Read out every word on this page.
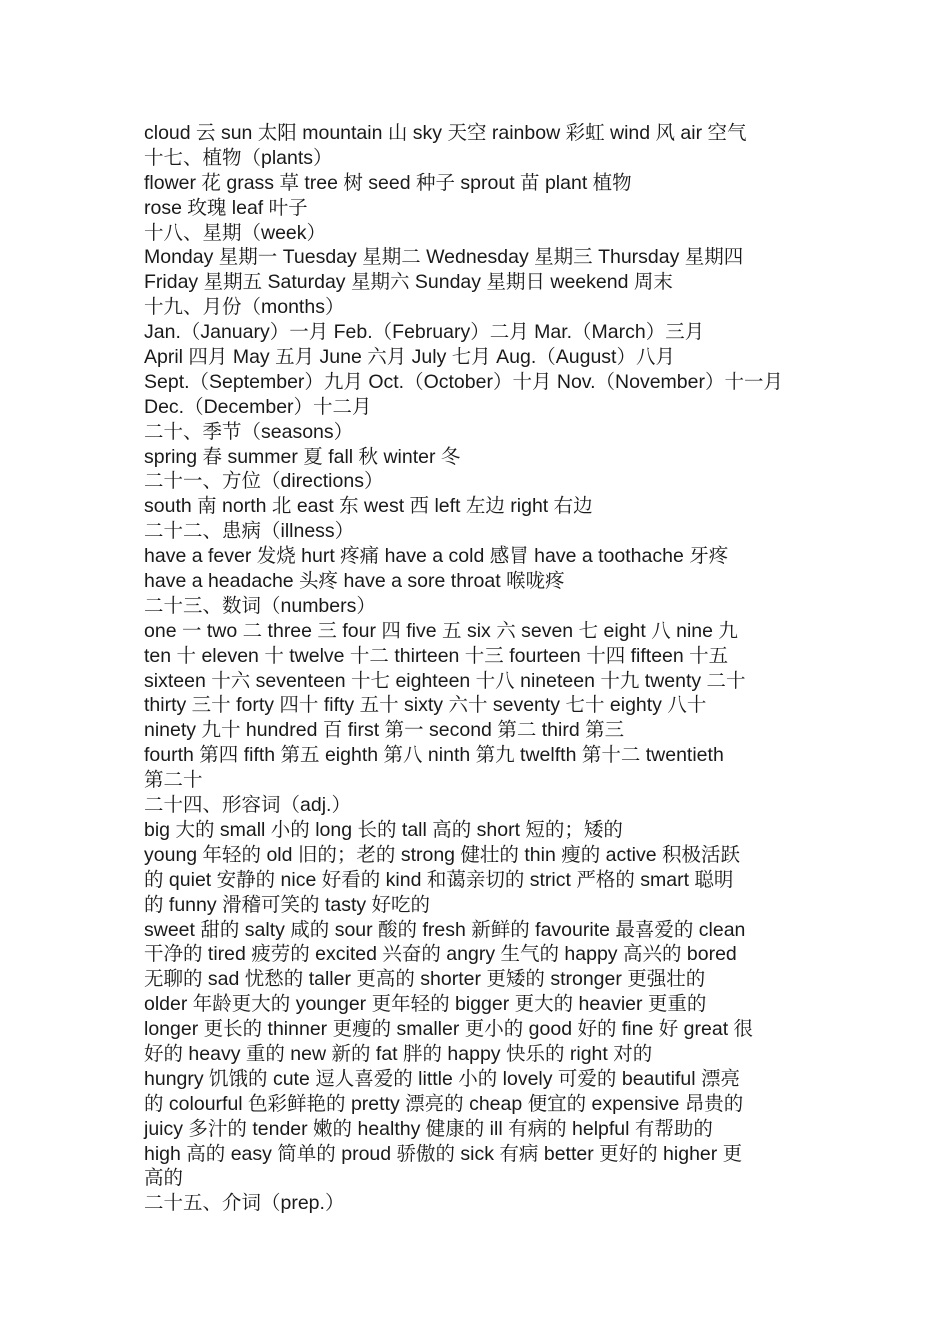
cloud 云 sun 太阳 mountain 山 sky 天空 rainbow 彩虹 wind 风 air 空气
十七、植物（plants）
flower 花 grass 草 tree 树 seed 种子 sprout 苗 plant 植物
rose 玫瑰 leaf 叶子
十八、星期（week）
Monday 星期一 Tuesday 星期二 Wednesday 星期三 Thursday 星期四
Friday 星期五 Saturday 星期六 Sunday 星期日 weekend 周末
十九、月份（months）
Jan.（January）一月 Feb.（February）二月 Mar.（March）三月
April 四月 May 五月 June 六月 July 七月 Aug.（August）八月
Sept.（September）九月 Oct.（October）十月 Nov.（November）十一月
Dec.（December）十二月
二十、季节（seasons）
spring 春 summer 夏 fall 秋 winter 冬
二十一、方位（directions）
south 南 north 北 east 东 west 西 left 左边 right 右边
二十二、患病（illness）
have a fever 发烧 hurt 疼痛 have a cold 感冒 have a toothache 牙疼
have a headache 头疼 have a sore throat 喉咙疼
二十三、数词（numbers）
one 一 two 二 three 三 four 四 five 五 six 六 seven 七 eight 八 nine 九
ten 十 eleven 十 twelve 十二 thirteen 十三 fourteen 十四 fifteen 十五
sixteen 十六 seventeen 十七 eighteen 十八 nineteen 十九 twenty 二十
thirty 三十 forty 四十 fifty 五十 sixty 六十 seventy 七十 eighty 八十
ninety 九十 hundred 百 first 第一 second 第二 third 第三
fourth 第四 fifth 第五 eighth 第八 ninth 第九 twelfth 第十二 twentieth
第二十
二十四、形容词（adj.）
big 大的 small 小的 long 长的 tall 高的 short 短的；矮的
young 年轻的 old 旧的；老的 strong 健壮的 thin 瘦的 active 积极活跃
的 quiet 安静的 nice 好看的 kind 和蔼亲切的 strict 严格的 smart 聪明
的 funny 滑稽可笑的 tasty 好吃的
sweet 甜的 salty 咸的 sour 酸的 fresh 新鲜的 favourite 最喜爱的 clean
干净的 tired 疲劳的 excited 兴奋的 angry 生气的 happy 高兴的 bored
无聊的 sad 忧愁的 taller 更高的 shorter 更矮的 stronger 更强壮的
older 年龄更大的 younger 更年轻的 bigger 更大的 heavier 更重的
longer 更长的 thinner 更瘦的 smaller 更小的 good 好的 fine 好 great 很
好的 heavy 重的 new 新的 fat 胖的 happy 快乐的 right 对的
hungry 饥饿的 cute 逗人喜爱的 little 小的 lovely 可爱的 beautiful 漂亮
的 colourful 色彩鲜艳的 pretty 漂亮的 cheap 便宜的 expensive 昂贵的
juicy 多汁的 tender 嫩的 healthy 健康的 ill 有病的 helpful 有帮助的
high 高的 easy 简单的 proud 骄傲的 sick 有病 better 更好的 higher 更
高的
二十五、介词（prep.）
